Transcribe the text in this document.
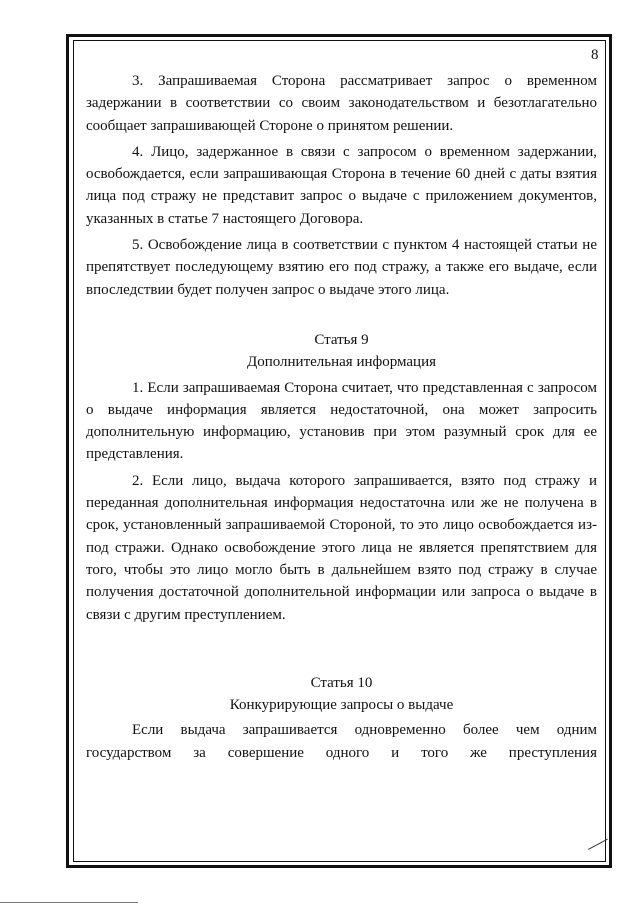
8

3. Запрашиваемая Сторона рассматривает запрос о временном задержании в соответствии со своим законодательством и безотлагательно сообщает запрашивающей Стороне о принятом решении.

4. Лицо, задержанное в связи с запросом о временном задержании, освобождается, если запрашивающая Сторона в течение 60 дней с даты взятия лица под стражу не представит запрос о выдаче с приложением документов, указанных в статье 7 настоящего Договора.

5. Освобождение лица в соответствии с пунктом 4 настоящей статьи не препятствует последующему взятию его под стражу, а также его выдаче, если впоследствии будет получен запрос о выдаче этого лица.

Статья 9

Дополнительная информация

1. Если запрашиваемая Сторона считает, что представленная с запросом о выдаче информация является недостаточной, она может запросить дополнительную информацию, установив при этом разумный срок для ее представления.

2. Если лицо, выдача которого запрашивается, взято под стражу и переданная дополнительная информация недостаточна или же не получена в срок, установленный запрашиваемой Стороной, то это лицо освобождается из-под стражи. Однако освобождение этого лица не является препятствием для того, чтобы это лицо могло быть в дальнейшем взято под стражу в случае получения достаточной дополнительной информации или запроса о выдаче в связи с другим преступлением.

Статья 10

Конкурирующие запросы о выдаче

Если выдача запрашивается одновременно более чем одним государством за совершение одного и того же преступления
